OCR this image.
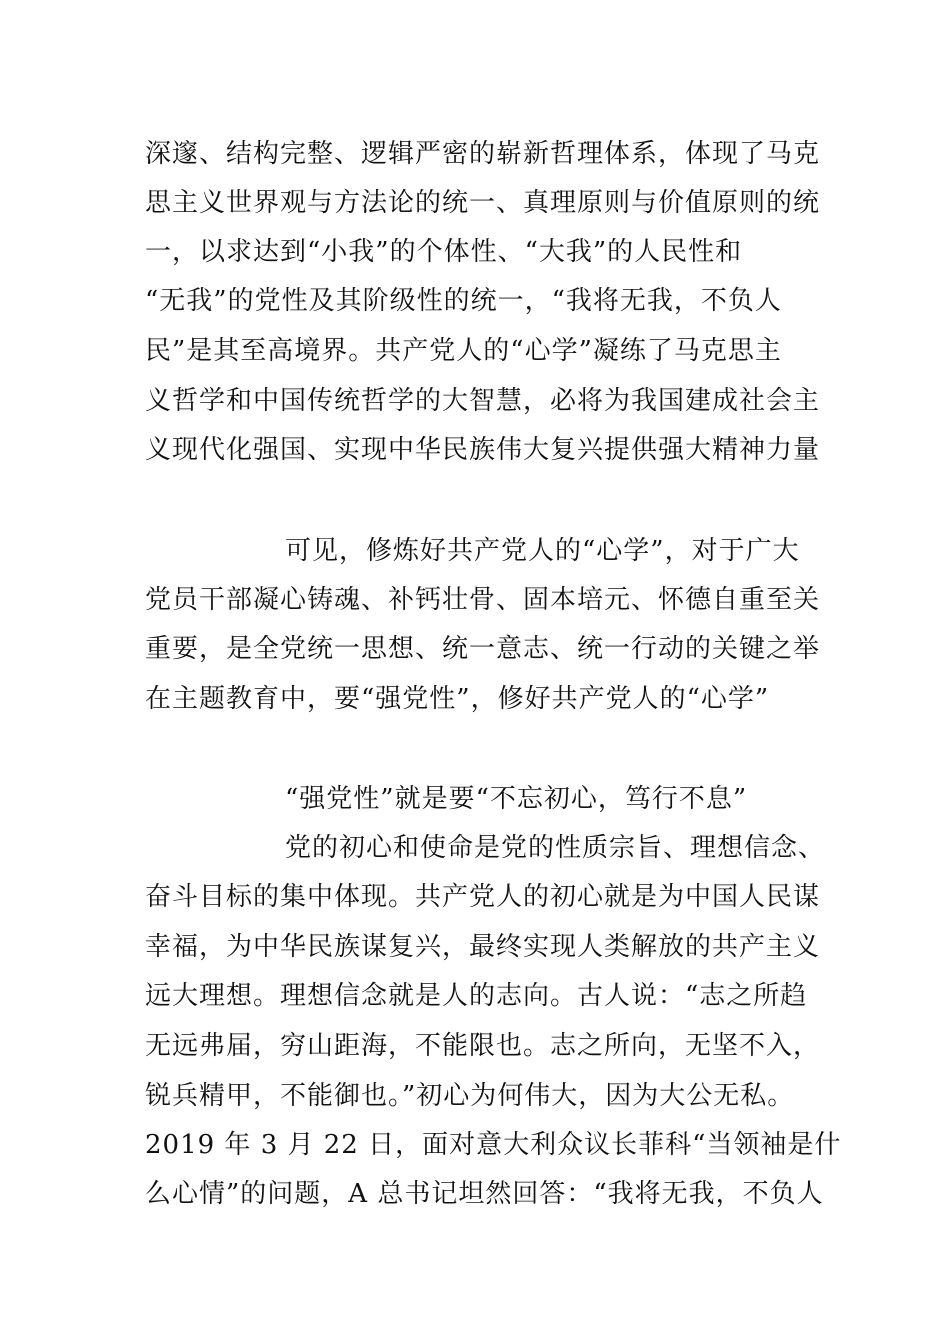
深邃、结构完整、逻辑严密的崭新哲理体系，体现了马克
思主义世界观与方法论的统一、真理原则与价值原则的统
一，以求达到“小我”的个体性、“大我”的人民性和
“无我”的党性及其阶级性的统一，“我将无我，不负人
民”是其至高境界。共产党人的“心学”凝练了马克思主
义哲学和中国传统哲学的大智慧，必将为我国建成社会主
义现代化强国、实现中华民族伟大复兴提供强大精神力量
可见，修炼好共产党人的“心学”，对于广大
党员干部凝心铸魂、补钙壮骨、固本培元、怀德自重至关
重要，是全党统一思想、统一意志、统一行动的关键之举
在主题教育中，要“强党性”，修好共产党人的“心学”
“强党性”就是要“不忘初心，笃行不息”
党的初心和使命是党的性质宗旨、理想信念、
奋斗目标的集中体现。共产党人的初心就是为中国人民谋
幸福，为中华民族谋复兴，最终实现人类解放的共产主义
远大理想。理想信念就是人的志向。古人说：“志之所趋
无远弗届，穷山距海，不能限也。志之所向，无坚不入，
锐兵精甲，不能御也。”初心为何伟大，因为大公无私。
2019 年 3 月 22 日，面对意大利众议长菲科“当领袖是什
么心情”的问题，A 总书记坦然回答：“我将无我，不负人
